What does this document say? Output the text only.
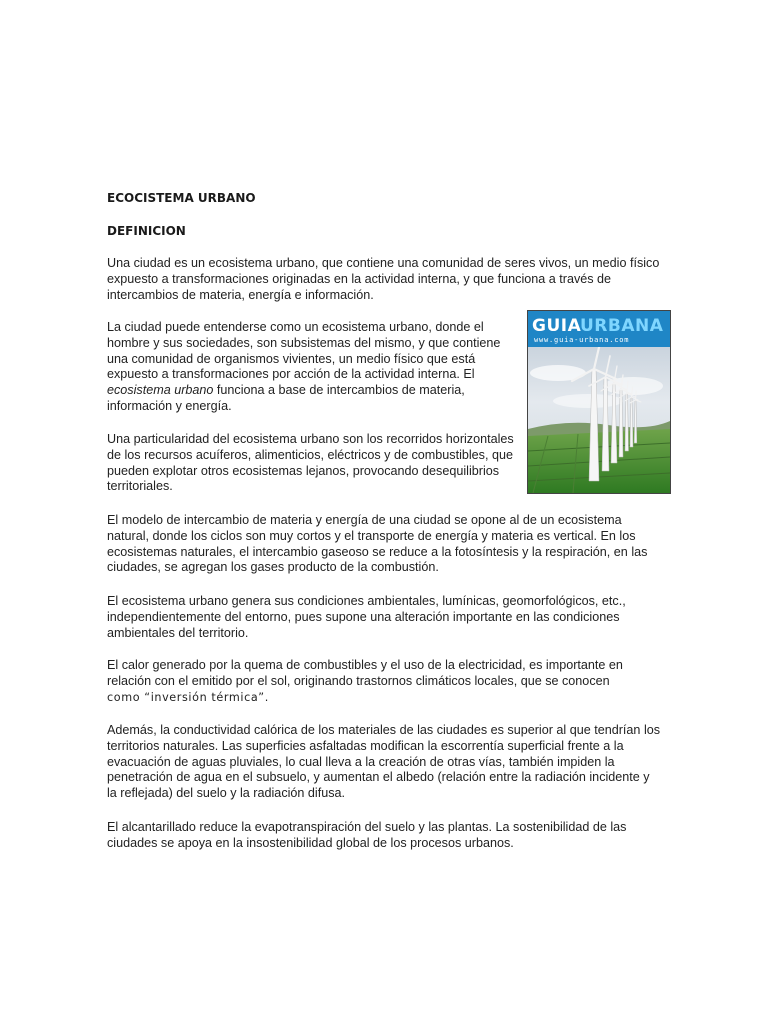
ECOCISTEMA URBANO
DEFINICION

Una ciudad es un ecosistema urbano, que contiene una comunidad de seres vivos, un medio físico expuesto a transformaciones originadas en la actividad interna, y que funciona a través de intercambios de materia, energía e información.

La ciudad puede entenderse como un ecosistema urbano, donde el hombre y sus sociedades, son subsistemas del mismo, y que contiene una comunidad de organismos vivientes, un medio físico que está expuesto a transformaciones por acción de la actividad interna. El ecosistema urbano funciona a base de intercambios de materia, información y energía.

Una particularidad del ecosistema urbano son los recorridos horizontales de los recursos acuíferos, alimenticios, eléctricos y de combustibles, que pueden explotar otros ecosistemas lejanos, provocando desequilibrios territoriales.

El modelo de intercambio de materia y energía de una ciudad se opone al de un ecosistema natural, donde los ciclos son muy cortos y el transporte de energía y materia es vertical. En los ecosistemas naturales, el intercambio gaseoso se reduce a la fotosíntesis y la respiración, en las ciudades, se agregan los gases producto de la combustión.

El ecosistema urbano genera sus condiciones ambientales, lumínicas, geomorfológicos, etc., independientemente del entorno, pues supone una alteración importante en las condiciones ambientales del territorio.

El calor generado por la quema de combustibles y el uso de la electricidad, es importante en relación con el emitido por el sol, originando trastornos climáticos locales, que se conocen
como “inversión térmica”.

Además, la conductividad calórica de los materiales de las ciudades es superior al que tendrían los territorios naturales. Las superficies asfaltadas modifican la escorrentía superficial frente a la evacuación de aguas pluviales, lo cual lleva a la creación de otras vías, también impiden la penetración de agua en el subsuelo, y aumentan el albedo (relación entre la radiación incidente y la reflejada) del suelo y la radiación difusa.

El alcantarillado reduce la evapotranspiración del suelo y las plantas. La sostenibilidad de las ciudades se apoya en la insostenibilidad global de los procesos urbanos.

GUIA
URBANA
www.guia-urbana.com
